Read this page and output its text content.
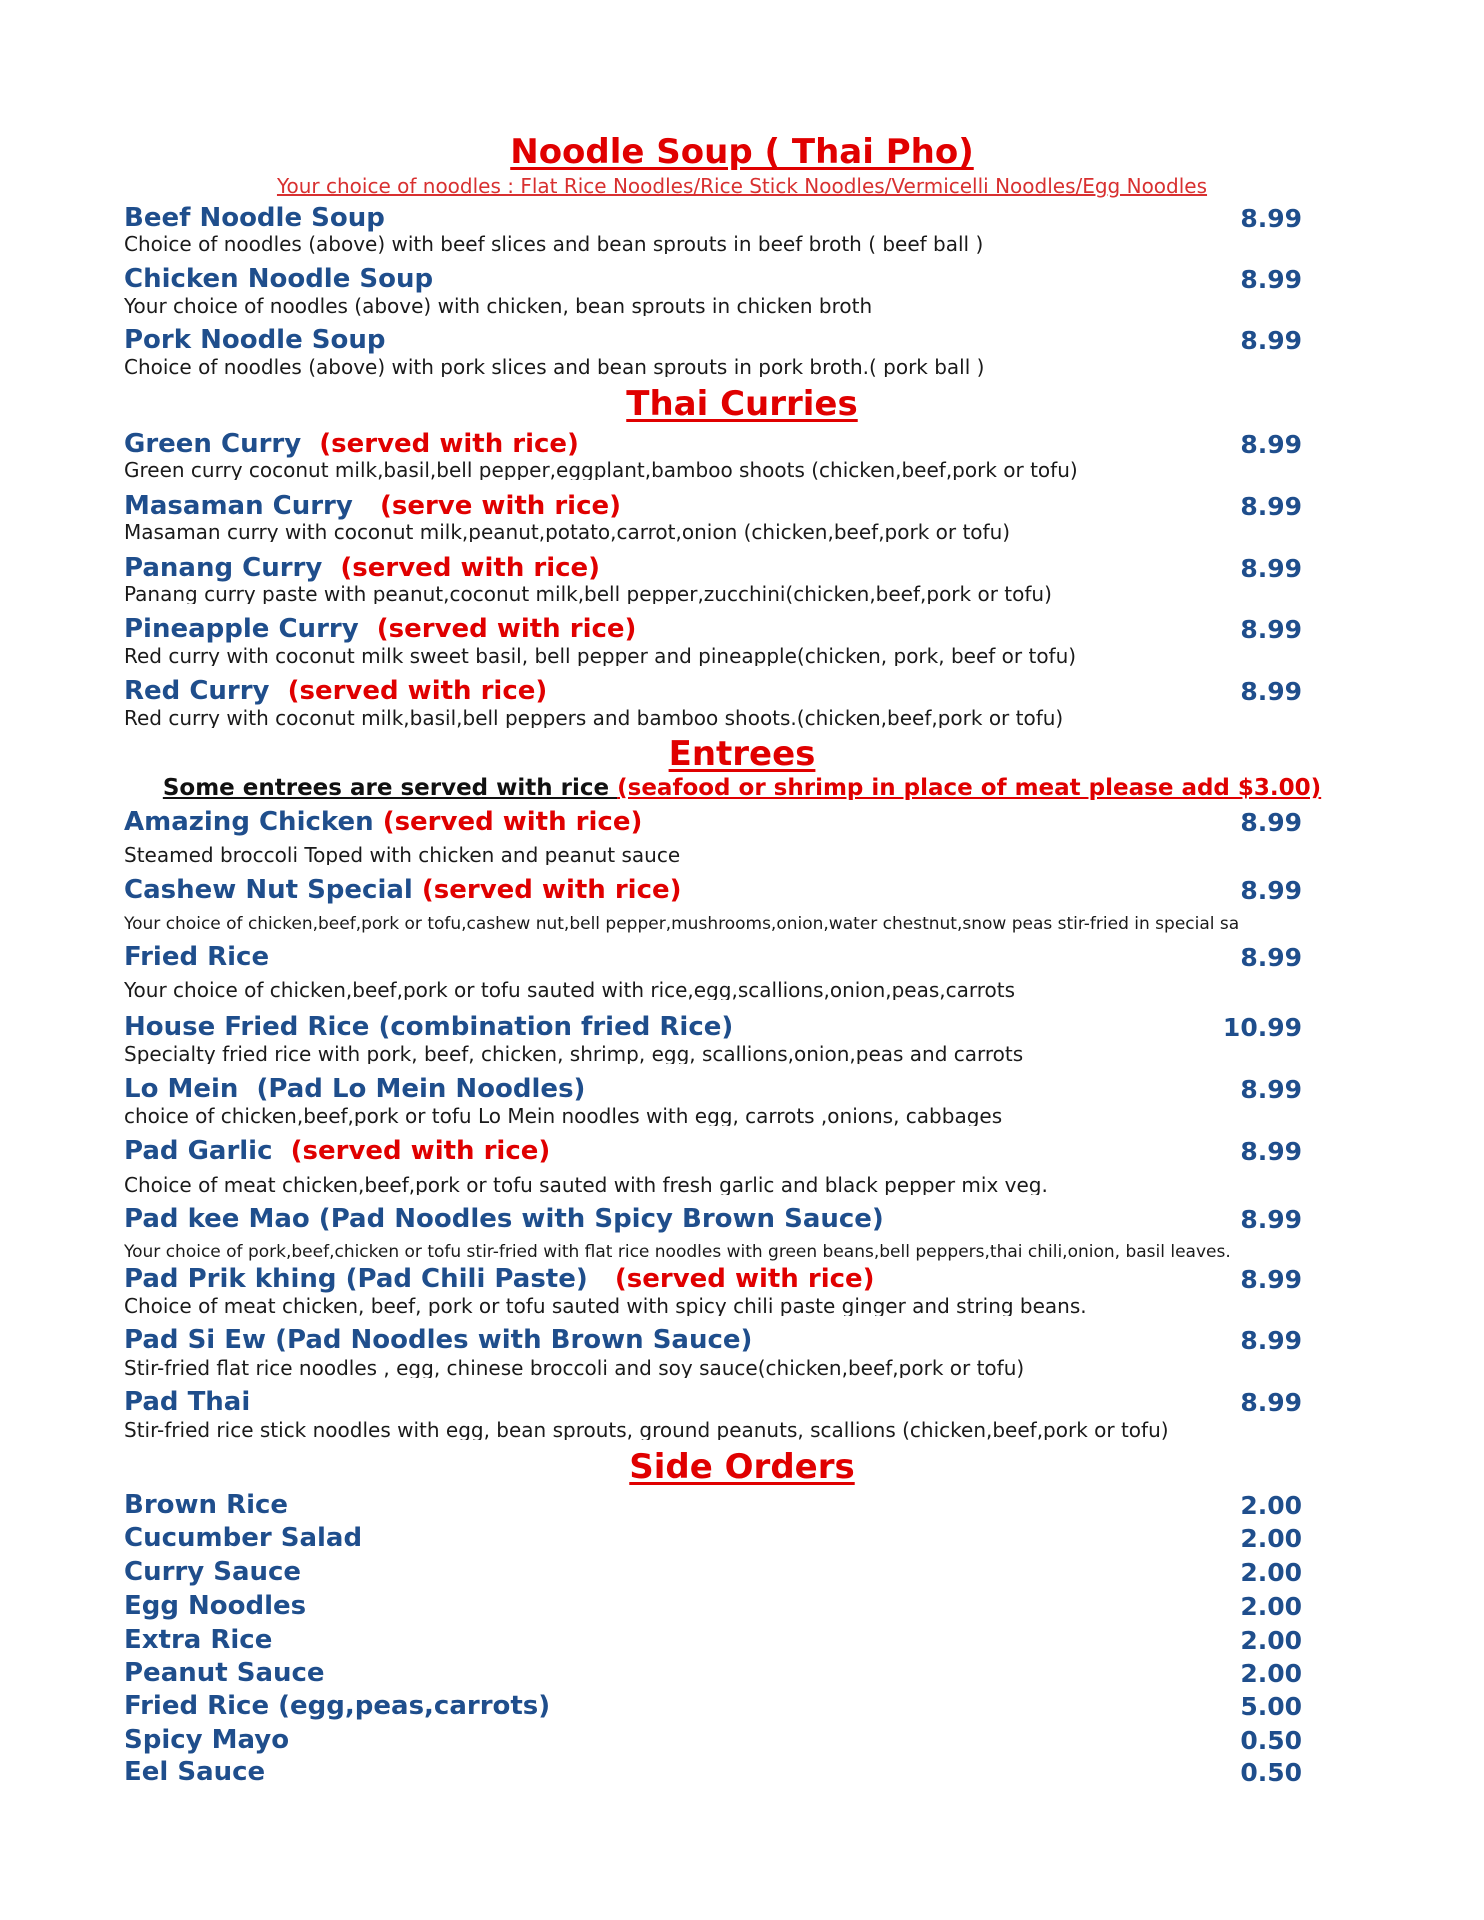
Noodle Soup ( Thai Pho)
Your choice of noodles : Flat Rice Noodles/Rice Stick Noodles/Vermicelli Noodles/Egg Noodles
Beef Noodle Soup	8.99
Choice of noodles (above) with beef slices and bean sprouts in beef broth ( beef ball )
Chicken Noodle Soup	8.99
Your choice of noodles (above) with chicken, bean sprouts in chicken broth
Pork Noodle Soup	8.99
Choice of noodles (above) with pork slices and bean sprouts in pork broth.( pork ball )
Thai Curries
Green Curry  (served with rice)	8.99
Green curry coconut milk,basil,bell pepper,eggplant,bamboo shoots (chicken,beef,pork or tofu)
Masaman Curry   (serve with rice)	8.99
Masaman curry with coconut milk,peanut,potato,carrot,onion (chicken,beef,pork or tofu)
Panang Curry  (served with rice)	8.99
Panang curry paste with peanut,coconut milk,bell pepper,zucchini(chicken,beef,pork or tofu)
Pineapple Curry  (served with rice)	8.99
Red curry with coconut milk sweet basil, bell pepper and pineapple(chicken, pork, beef or tofu)
Red Curry  (served with rice)	8.99
Red curry with coconut milk,basil,bell peppers and bamboo shoots.(chicken,beef,pork or tofu)
Entrees
Some entrees are served with rice (seafood or shrimp in place of meat please add $3.00)
Amazing Chicken (served with rice)	8.99
Steamed broccoli Toped with chicken and peanut sauce
Cashew Nut Special (served with rice)	8.99
Your choice of chicken,beef,pork or tofu,cashew nut,bell pepper,mushrooms,onion,water chestnut,snow peas stir-fried in special sa
Fried Rice	8.99
Your choice of chicken,beef,pork or tofu sauted with rice,egg,scallions,onion,peas,carrots
House Fried Rice (combination fried Rice)	10.99
Specialty fried rice with pork, beef, chicken, shrimp, egg, scallions,onion,peas and carrots
Lo Mein  (Pad Lo Mein Noodles)	8.99
choice of chicken,beef,pork or tofu Lo Mein noodles with egg, carrots ,onions, cabbages
Pad Garlic  (served with rice)	8.99
Choice of meat chicken,beef,pork or tofu sauted with fresh garlic and black pepper mix veg.
Pad kee Mao (Pad Noodles with Spicy Brown Sauce)	8.99
Your choice of pork,beef,chicken or tofu stir-fried with flat rice noodles with green beans,bell peppers,thai chili,onion, basil leaves.
Pad Prik khing (Pad Chili Paste)   (served with rice)	8.99
Choice of meat chicken, beef, pork or tofu sauted with spicy chili paste ginger and string beans.
Pad Si Ew (Pad Noodles with Brown Sauce)	8.99
Stir-fried flat rice noodles , egg, chinese broccoli and soy sauce(chicken,beef,pork or tofu)
Pad Thai	8.99
Stir-fried rice stick noodles with egg, bean sprouts, ground peanuts, scallions (chicken,beef,pork or tofu)
Side Orders
Brown Rice	2.00
Cucumber Salad	2.00
Curry Sauce	2.00
Egg Noodles	2.00
Extra Rice	2.00
Peanut Sauce	2.00
Fried Rice (egg,peas,carrots)	5.00
Spicy Mayo	0.50
Eel Sauce	0.50
